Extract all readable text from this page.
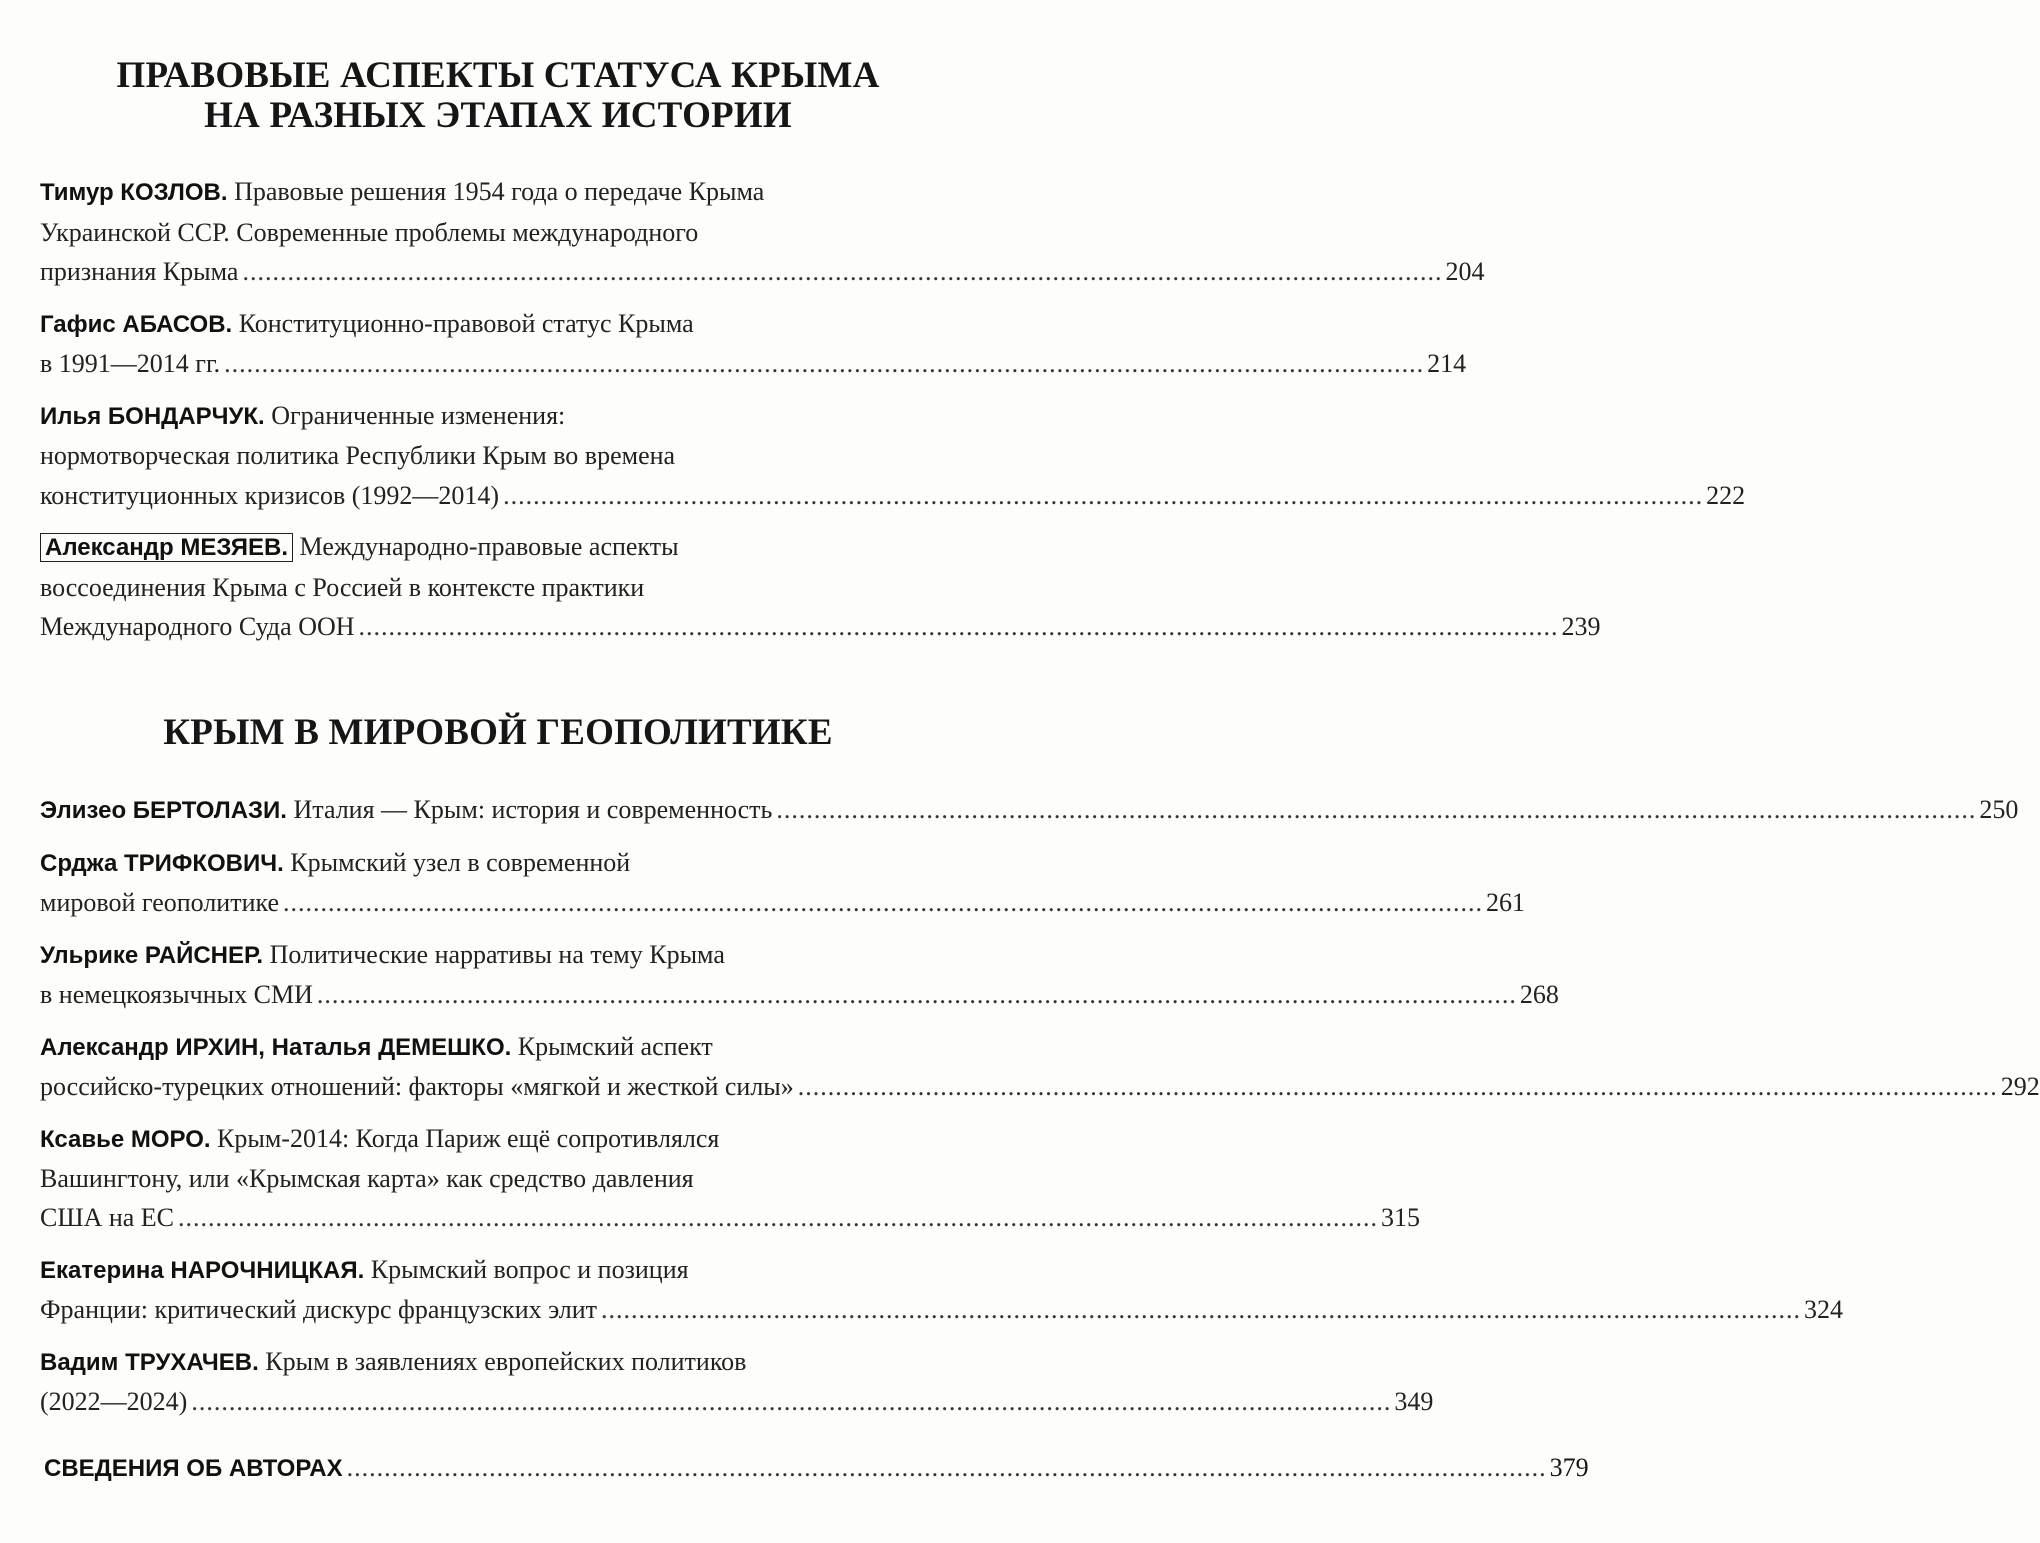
ПРАВОВЫЕ АСПЕКТЫ СТАТУСА КРЫМА
НА РАЗНЫХ ЭТАПАХ ИСТОРИИ
Тимур КОЗЛОВ. Правовые решения 1954 года о передаче Крыма
Украинской ССР. Современные проблемы международного
признания Крыма ................................................................................................................................................................ 204
Гафис АБАСОВ. Конституционно-правовой статус Крыма
в 1991—2014 гг. ................................................................................................................................................................ 214
Илья БОНДАРЧУК. Ограниченные изменения:
нормотворческая политика Республики Крым во времена
конституционных кризисов (1992—2014) ................................................................................................................................................................ 222
Александр МЕЗЯЕВ. Международно-правовые аспекты
воссоединения Крыма с Россией в контексте практики
Международного Суда ООН ................................................................................................................................................................ 239
КРЫМ В МИРОВОЙ ГЕОПОЛИТИКЕ
Элизео БЕРТОЛАЗИ. Италия — Крым: история и современность ................................................................................................................................................................ 250
Срджа ТРИФКОВИЧ. Крымский узел в современной
мировой геополитике ................................................................................................................................................................ 261
Ульрике РАЙСНЕР. Политические нарративы на тему Крыма
в немецкоязычных СМИ ................................................................................................................................................................ 268
Александр ИРХИН, Наталья ДЕМЕШКО. Крымский аспект
российско-турецких отношений: факторы «мягкой и жесткой силы» ................................................................................................................................................................ 292
Ксавье МОРО. Крым-2014: Когда Париж ещё сопротивлялся
Вашингтону, или «Крымская карта» как средство давления
США на ЕС ................................................................................................................................................................ 315
Екатерина НАРОЧНИЦКАЯ. Крымский вопрос и позиция
Франции: критический дискурс французских элит ................................................................................................................................................................ 324
Вадим ТРУХАЧЕВ. Крым в заявлениях европейских политиков
(2022—2024) ................................................................................................................................................................ 349
СВЕДЕНИЯ ОБ АВТОРАХ ................................................................................................................................................................ 379
